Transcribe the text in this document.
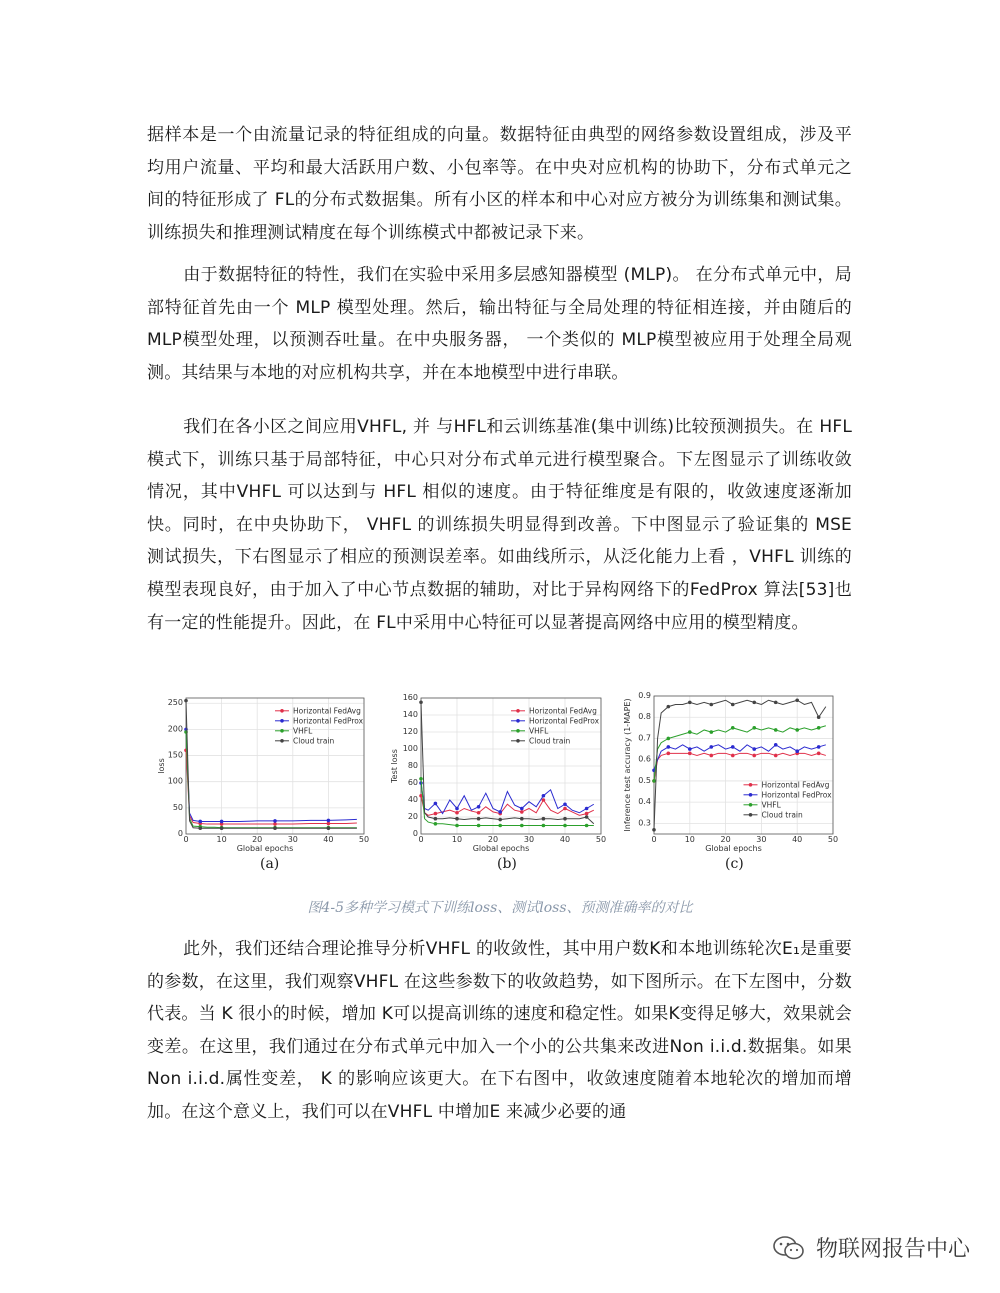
据样本是一个由流量记录的特征组成的向量。数据特征由典型的网络参数设置组成，涉及平均用户流量、平均和最大活跃用户数、小包率等。在中央对应机构的协助下，分布式单元之间的特征形成了 FL的分布式数据集。所有小区的样本和中心对应方被分为训练集和测试集。训练损失和推理测试精度在每个训练模式中都被记录下来。

由于数据特征的特性，我们在实验中采用多层感知器模型 (MLP)。 在分布式单元中，局部特征首先由一个 MLP 模型处理。然后，输出特征与全局处理的特征相连接，并由随后的 MLP模型处理，以预测吞吐量。在中央服务器， 一个类似的 MLP模型被应用于处理全局观测。其结果与本地的对应机构共享，并在本地模型中进行串联。

我们在各小区之间应用VHFL, 并 与HFL和云训练基准(集中训练)比较预测损失。在 HFL 模式下，训练只基于局部特征，中心只对分布式单元进行模型聚合。下左图显示了训练收敛情况，其中VHFL 可以达到与 HFL 相似的速度。由于特征维度是有限的，收敛速度逐渐加快。同时，在中央协助下， VHFL 的训练损失明显得到改善。下中图显示了验证集的 MSE 测试损失，下右图显示了相应的预测误差率。如曲线所示，从泛化能力上看 ，VHFL 训练的模型表现良好，由于加入了中心节点数据的辅助，对比于异构网络下的FedProx 算法[53]也有一定的性能提升。因此，在 FL中采用中心特征可以显著提高网络中应用的模型精度。

此外，我们还结合理论推导分析VHFL 的收敛性，其中用户数K和本地训练轮次E₁是重要的参数，在这里，我们观察VHFL 在这些参数下的收敛趋势，如下图所示。在下左图中，分数代表。当 K 很小的时候，增加 K可以提高训练的速度和稳定性。如果K变得足够大，效果就会变差。在这里，我们通过在分布式单元中加入一个小的公共集来改进Non i.i.d.数据集。如果 Non i.i.d.属性变差， K 的影响应该更大。在下右图中，收敛速度随着本地轮次的增加而增加。在这个意义上，我们可以在VHFL 中增加E 来减少必要的通

0	10	20	30	40	50
0
50
100
150
200
250
Global epochs
loss
Horizontal FedAvg
Horizontal FedProx
VHFL
Cloud train
0	10	20	30	40	50
0
20
40
60
80
100
120
140
160
Global epochs
Test loss
Horizontal FedAvg
Horizontal FedProx
VHFL
Cloud train
0	10	20	30	40	50
0.3
0.4
0.5
0.6
0.7
0.8
0.9
Global epochs
Inference test accuracy (1-MAPE)	Horizontal FedAvg
Horizontal FedProx
VHFL
Cloud train
(a)	(b)	(c)
图4-5多种学习模式下训练loss、测试loss、预测准确率的对比
物联网报告中心
